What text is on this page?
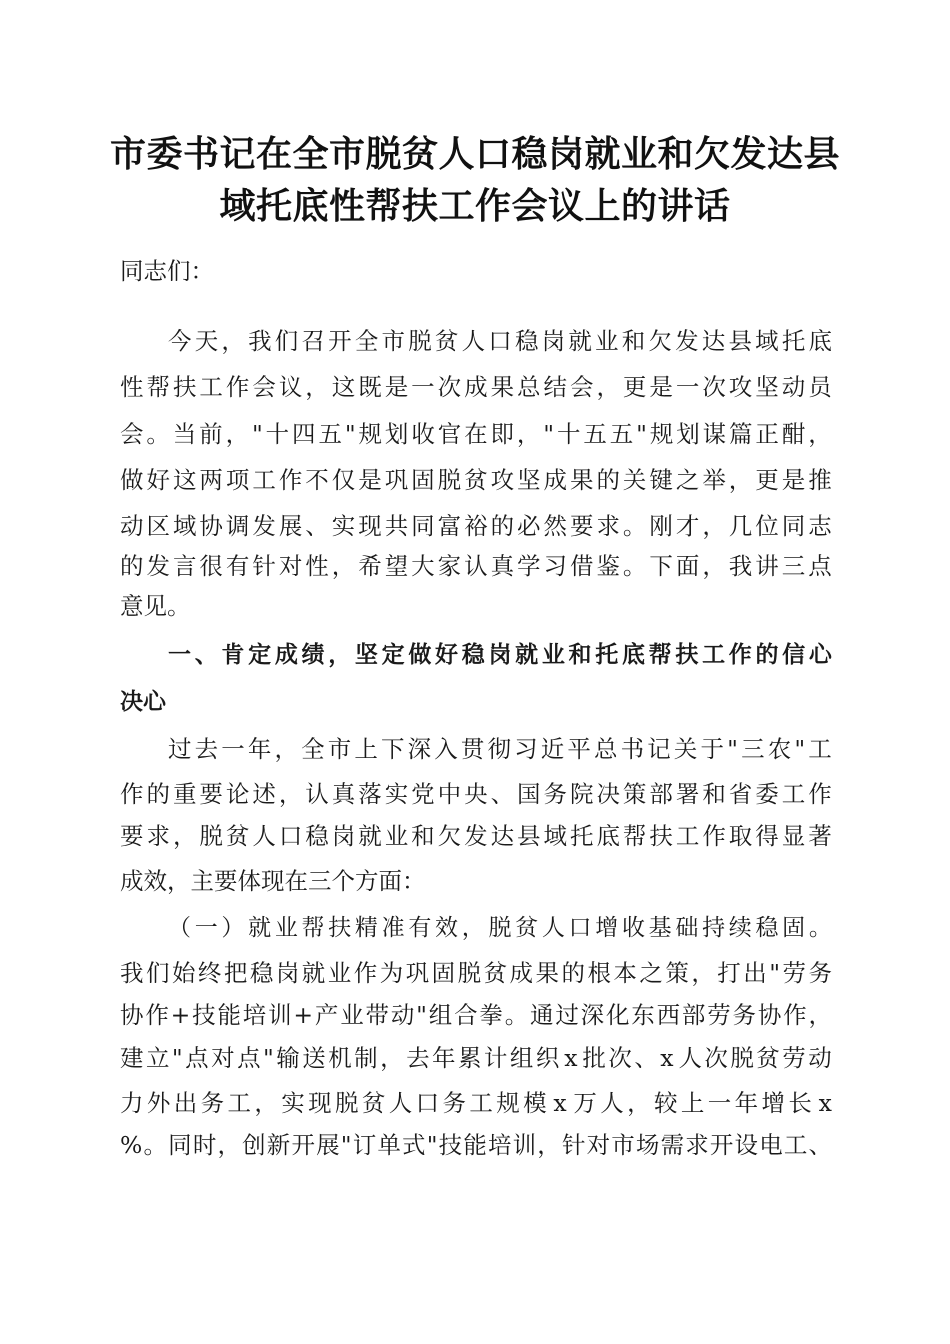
市委书记在全市脱贫人口稳岗就业和欠发达县
域托底性帮扶工作会议上的讲话

同志们：

今 天 ， 我 们 召 开 全 市 脱 贫 人 口 稳 岗 就 业 和 欠 发 达 县 域 托 底

性 帮 扶 工 作 会 议 ， 这 既 是 一 次 成 果 总 结 会 ， 更 是 一 次 攻 坚 动 员

会 。 当 前 ， " 十 四 五 " 规 划 收 官 在 即 ， " 十 五 五 " 规 划 谋 篇 正 酣 ，

做 好 这 两 项 工 作 不 仅 是 巩 固 脱 贫 攻 坚 成 果 的 关 键 之 举 ， 更 是 推

动 区 域 协 调 发 展 、 实 现 共 同 富 裕 的 必 然 要 求 。 刚 才 ， 几 位 同 志

的 发 言 很 有 针 对 性 ， 希 望 大 家 认 真 学 习 借 鉴 。 下 面 ， 我 讲 三 点

意见。

一 、 肯 定 成 绩 ， 坚 定 做 好 稳 岗 就 业 和 托 底 帮 扶 工 作 的 信 心

决心

过 去 一 年 ， 全 市 上 下 深 入 贯 彻 习 近 平 总 书 记 关 于 " 三 农 " 工

作 的 重 要 论 述 ， 认 真 落 实 党 中 央 、 国 务 院 决 策 部 署 和 省 委 工 作

要 求 ， 脱 贫 人 口 稳 岗 就 业 和 欠 发 达 县 域 托 底 帮 扶 工 作 取 得 显 著

成效，主要体现在三个方面：

（ 一 ） 就 业 帮 扶 精 准 有 效 ， 脱 贫 人 口 增 收 基 础 持 续 稳 固 。

我 们 始 终 把 稳 岗 就 业 作 为 巩 固 脱 贫 成 果 的 根 本 之 策 ， 打 出 " 劳 务

协 作 + 技 能 培 训 + 产 业 带 动 " 组 合 拳 。 通 过 深 化 东 西 部 劳 务 协 作 ，

建 立 " 点 对 点 " 输 送 机 制 ， 去 年 累 计 组 织 x 批 次 、 x 人 次 脱 贫 劳 动

力 外 出 务 工 ， 实 现 脱 贫 人 口 务 工 规 模 x 万 人 ， 较 上 一 年 增 长 x

% 。 同 时 ， 创 新 开 展 " 订 单 式 " 技 能 培 训 ， 针 对 市 场 需 求 开 设 电 工 、
